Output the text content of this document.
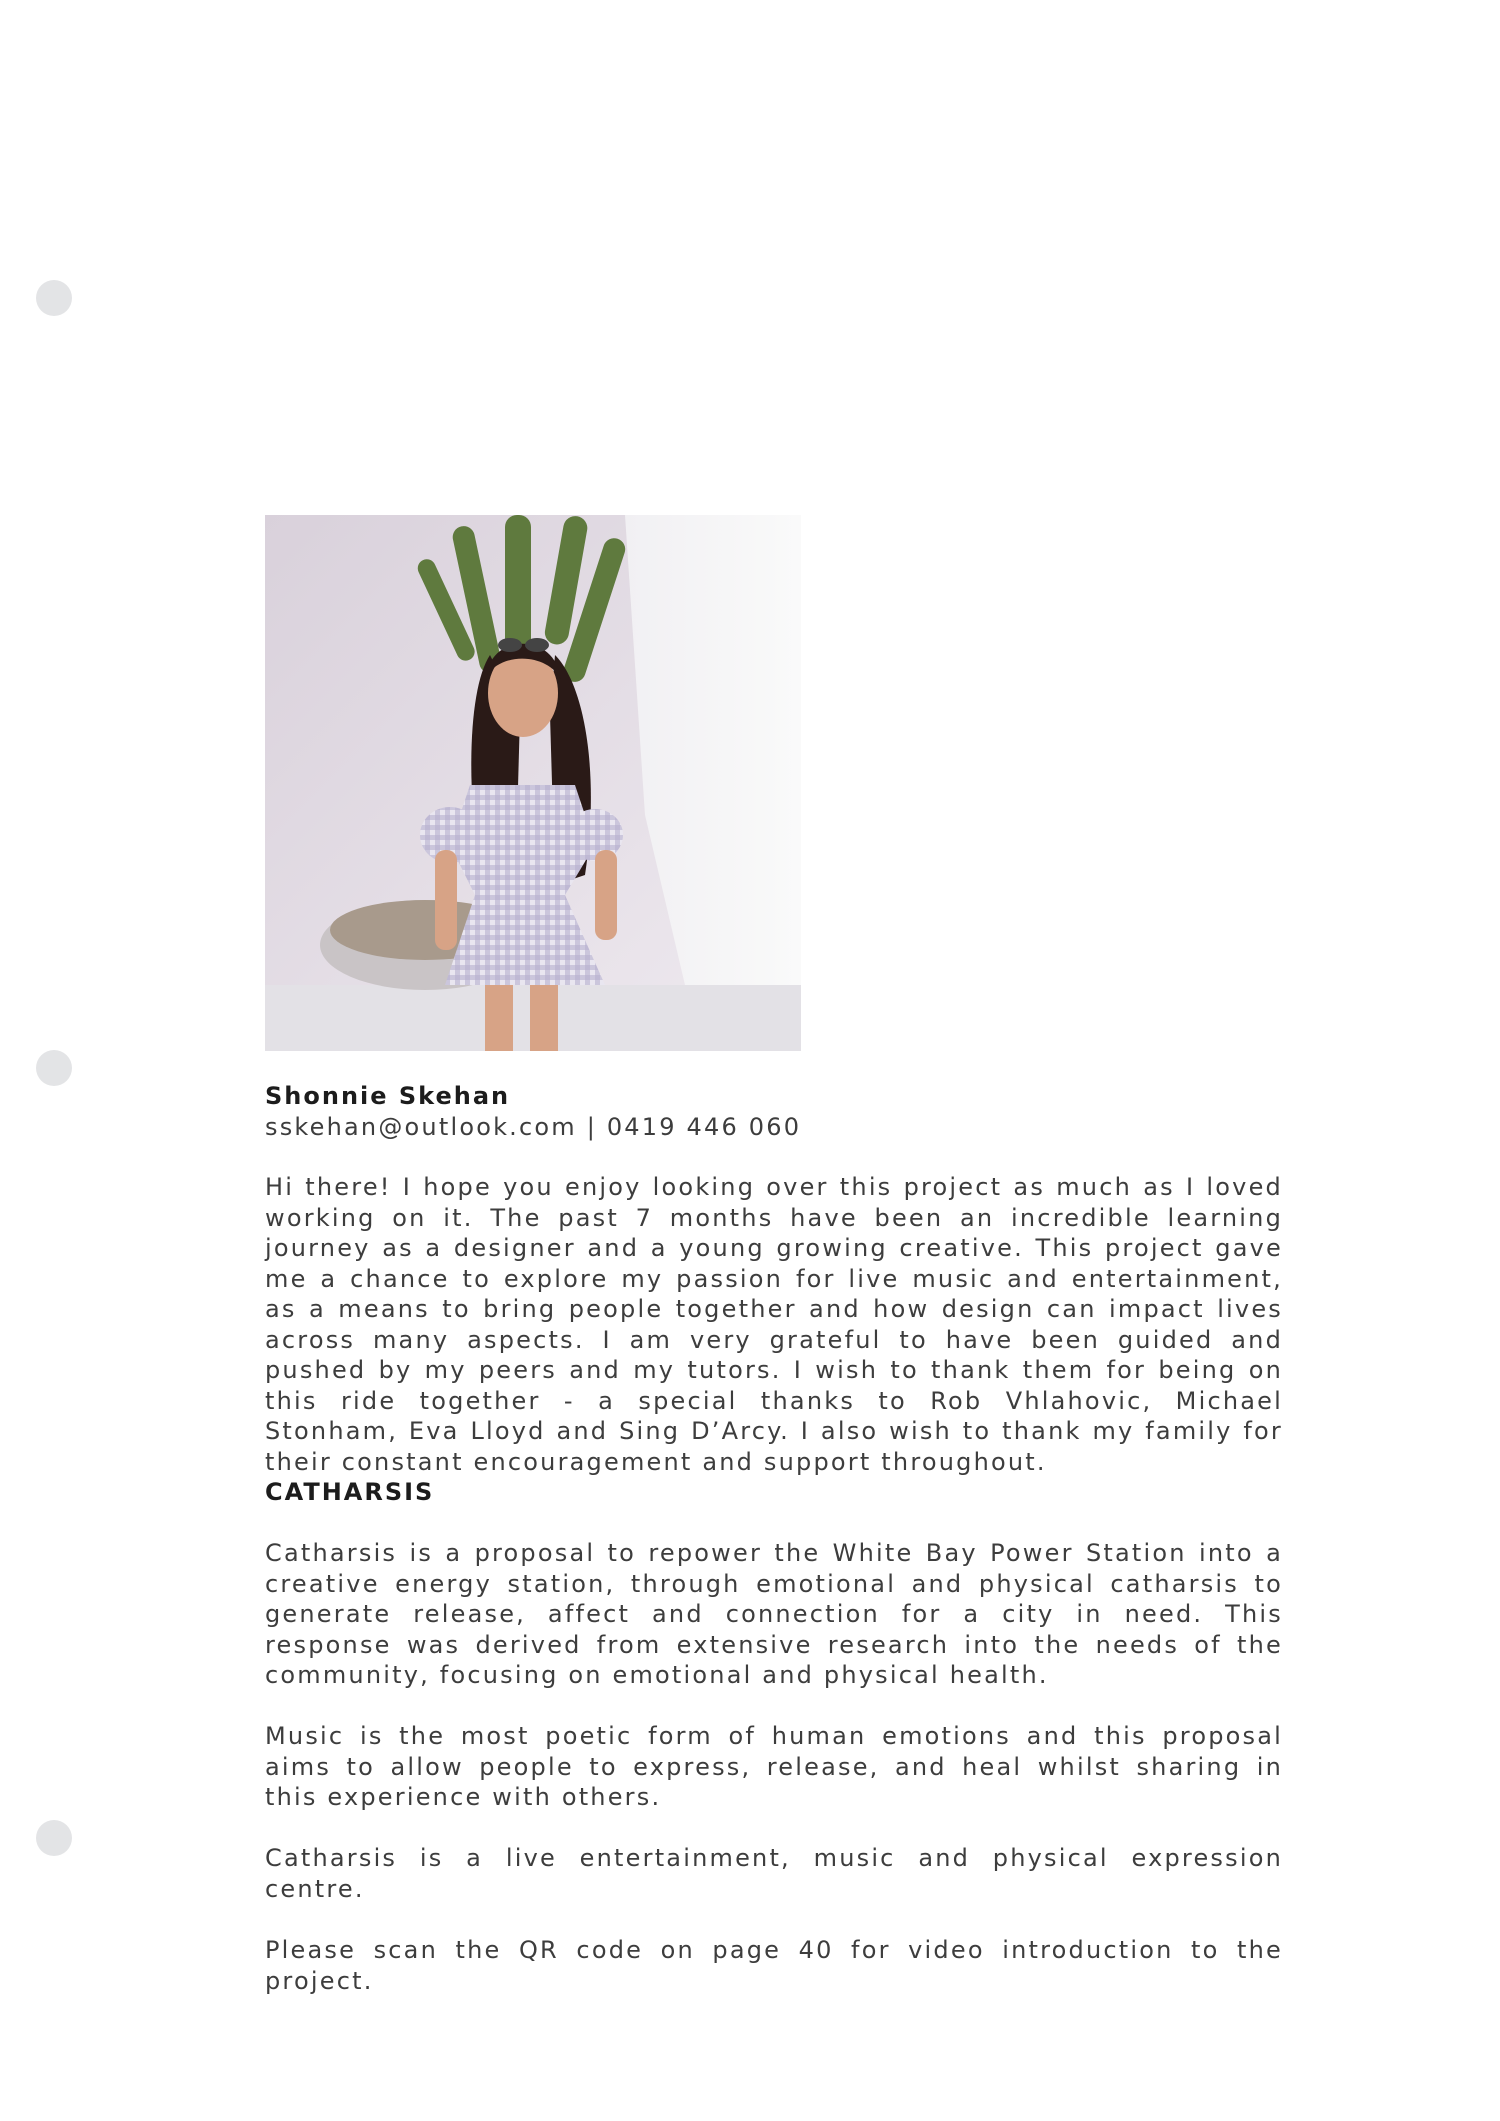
Shonnie Skehan
sskehan@outlook.com | 0419 446 060

Hi there! I hope you enjoy looking over this project as much as I loved working on it. The past 7 months have been an incredible learning journey as a designer and a young growing creative. This project gave me a chance to explore my passion for live music and entertainment, as a means to bring people together and how design can impact lives across many aspects. I am very grateful to have been guided and pushed by my peers and my tutors. I wish to thank them for being on this ride together - a special thanks to Rob Vhlahovic, Michael Stonham, Eva Lloyd and Sing D’Arcy. I also wish to thank my family for their constant encouragement and support throughout.

CATHARSIS

Catharsis is a proposal to repower the White Bay Power Station into a creative energy station, through emotional and physical catharsis to generate release, affect and connection for a city in need. This response was derived from extensive research into the needs of the community, focusing on emotional and physical health.

Music is the most poetic form of human emotions and this proposal aims to allow people to express, release, and heal whilst sharing in this experience with others.

Catharsis is a live entertainment, music and physical expression centre.

Please scan the QR code on page 40 for video introduction to the project.
